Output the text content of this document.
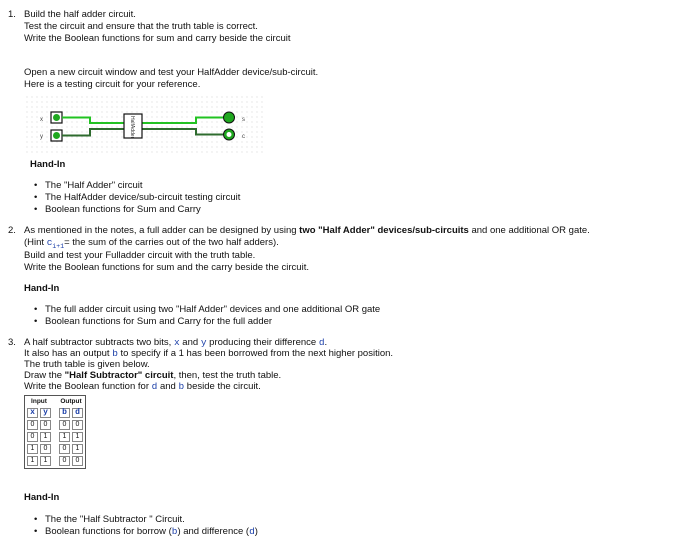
1. Build the half adder circuit.
Test the circuit and ensure that the truth table is correct.
Write the Boolean functions for sum and carry beside the circuit
Open a new circuit window and test your HalfAdder device/sub-circuit.
Here is a testing circuit for your reference.
x
y	HalfAdder	s
c
Hand-In
• The "Half Adder" circuit
• The HalfAdder device/sub-circuit testing circuit
• Boolean functions for Sum and Carry
2. As mentioned in the notes, a full adder can be designed by using two "Half Adder" devices/sub-circuits and one additional OR gate.
(Hint $c_{i+1}=$ the sum of the carries out of the two half adders).
Build and test your Fulladder circuit with the truth table.
Write the Boolean functions for sum and the carry beside the circuit.
Hand-In
• The full adder circuit using two "Half Adder" devices and one additional OR gate
• Boolean functions for Sum and Carry for the full adder
3. A half subtractor subtracts two bits, x and y producing their difference d.
It also has an output b to specify if a 1 has been borrowed from the next higher position.
The truth table is given below.
Draw the "Half Subtractor" circuit, then, test the truth table.
Write the Boolean function for d and b beside the circuit.
Input			Output	
x	y		b	d
0	0		0	0
0	1		1	1
1	0		0	1
1	1		0	0
Hand-In
• The the "Half Subtractor " Circuit.
• Boolean functions for borrow (b) and difference (d)
